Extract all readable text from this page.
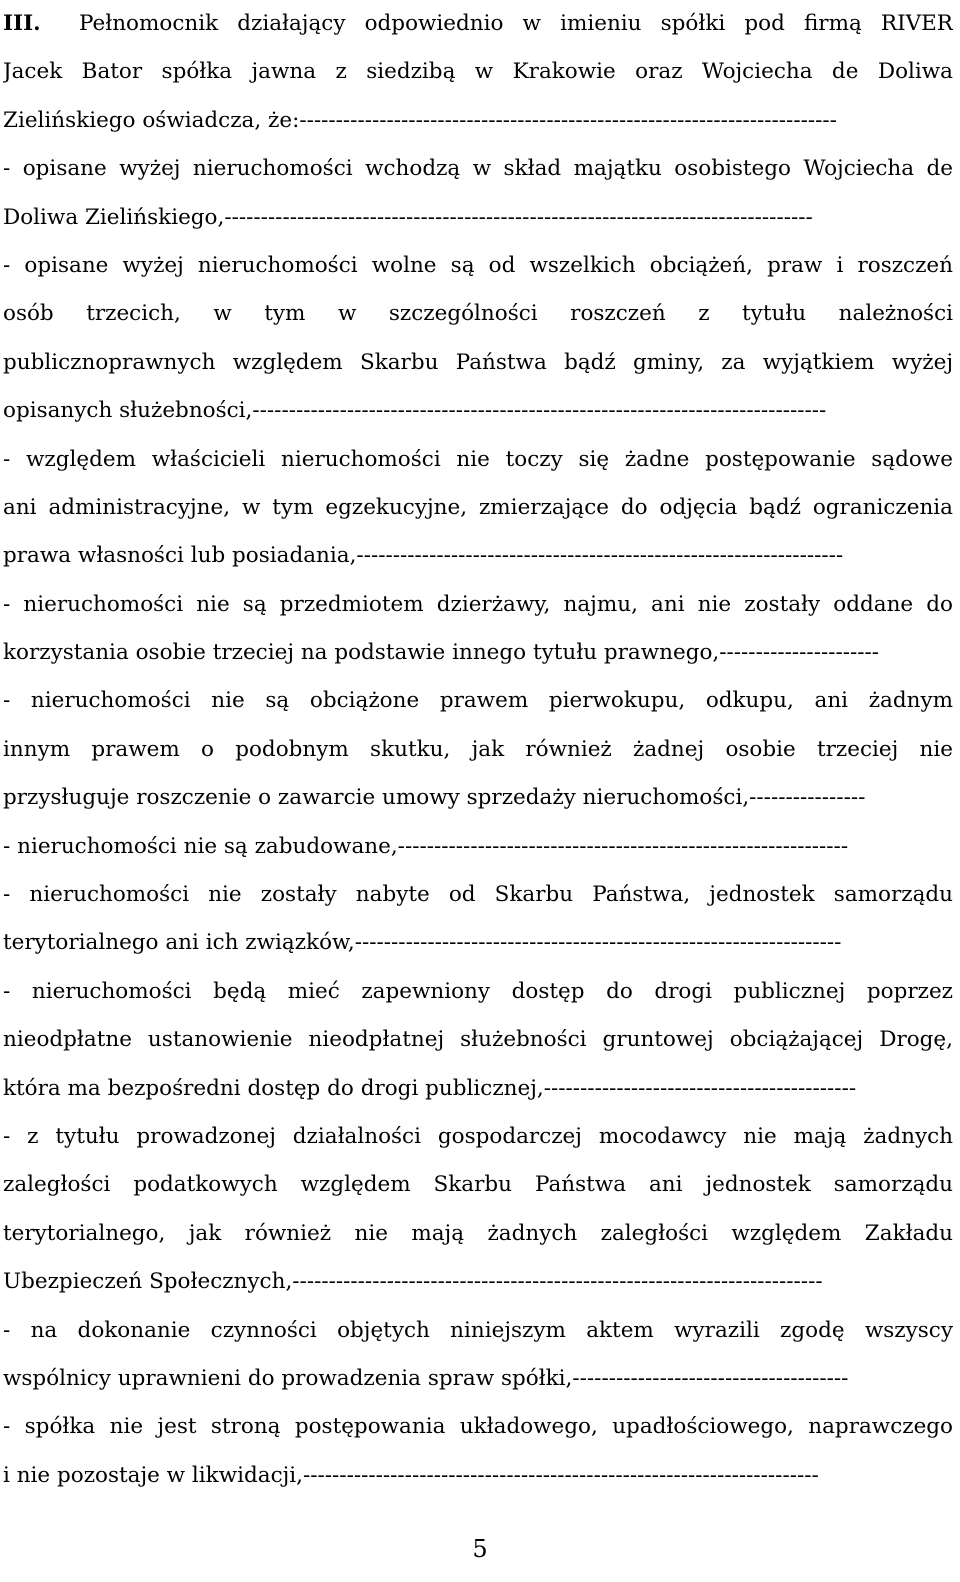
III. Pełnomocnik działający odpowiednio w imieniu spółki pod firmą RIVER
Jacek Bator spółka jawna z siedzibą w Krakowie oraz Wojciecha de Doliwa
Zielińskiego oświadcza, że:--------------------------------------------------------------------------
- opisane wyżej nieruchomości wchodzą w skład majątku osobistego Wojciecha de
Doliwa Zielińskiego,---------------------------------------------------------------------------------
- opisane wyżej nieruchomości wolne są od wszelkich obciążeń, praw i roszczeń
osób trzecich, w tym w szczególności roszczeń z tytułu należności
publicznoprawnych względem Skarbu Państwa bądź gminy, za wyjątkiem wyżej
opisanych służebności,-------------------------------------------------------------------------------
- względem właścicieli nieruchomości nie toczy się żadne postępowanie sądowe
ani administracyjne, w tym egzekucyjne, zmierzające do odjęcia bądź ograniczenia
prawa własności lub posiadania,-------------------------------------------------------------------
- nieruchomości nie są przedmiotem dzierżawy, najmu, ani nie zostały oddane do
korzystania osobie trzeciej na podstawie innego tytułu prawnego,----------------------
- nieruchomości nie są obciążone prawem pierwokupu, odkupu, ani żadnym
innym prawem o podobnym skutku, jak również żadnej osobie trzeciej nie
przysługuje roszczenie o zawarcie umowy sprzedaży nieruchomości,----------------
- nieruchomości nie są zabudowane,--------------------------------------------------------------
- nieruchomości nie zostały nabyte od Skarbu Państwa, jednostek samorządu
terytorialnego ani ich związków,-------------------------------------------------------------------
- nieruchomości będą mieć zapewniony dostęp do drogi publicznej poprzez
nieodpłatne ustanowienie nieodpłatnej służebności gruntowej obciążającej Drogę,
która ma bezpośredni dostęp do drogi publicznej,-------------------------------------------
- z tytułu prowadzonej działalności gospodarczej mocodawcy nie mają żadnych
zaległości podatkowych względem Skarbu Państwa ani jednostek samorządu
terytorialnego, jak również nie mają żadnych zaległości względem Zakładu
Ubezpieczeń Społecznych,-------------------------------------------------------------------------
- na dokonanie czynności objętych niniejszym aktem wyrazili zgodę wszyscy
wspólnicy uprawnieni do prowadzenia spraw spółki,--------------------------------------
- spółka nie jest stroną postępowania układowego, upadłościowego, naprawczego
i nie pozostaje w likwidacji,-----------------------------------------------------------------------
5
